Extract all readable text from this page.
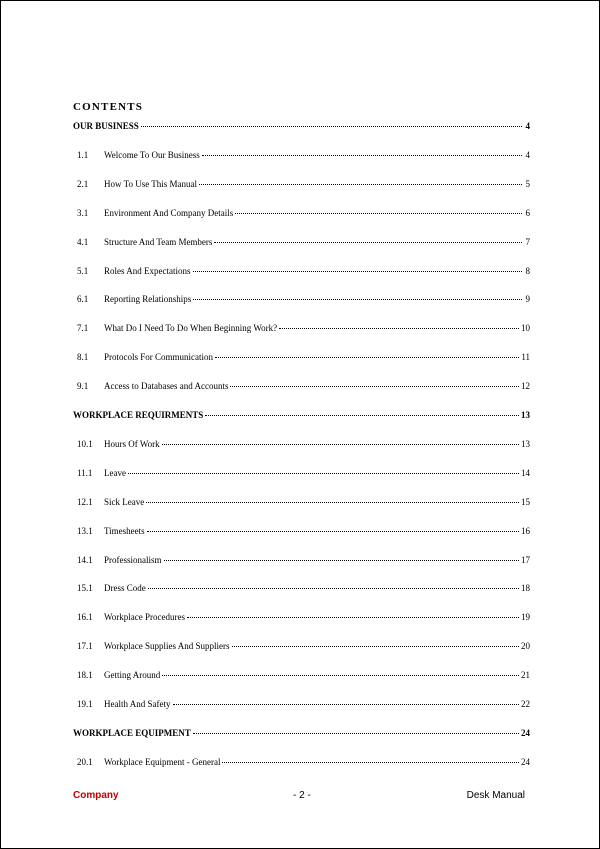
CONTENTS
OUR BUSINESS	4
1.1	Welcome To Our Business	4
2.1	How To Use This Manual	5
3.1	Environment And Company Details	6
4.1	Structure And Team Members	7
5.1	Roles And Expectations	8
6.1	Reporting Relationships	9
7.1	What Do I Need To Do When Beginning Work?	10
8.1	Protocols For Communication	11
9.1	Access to Databases and Accounts	12
WORKPLACE REQUIRMENTS	13
10.1	Hours Of Work	13
11.1	Leave	14
12.1	Sick Leave	15
13.1	Timesheets	16
14.1	Professionalism	17
15.1	Dress Code	18
16.1	Workplace Procedures	19
17.1	Workplace Supplies And Suppliers	20
18.1	Getting Around	21
19.1	Health And Safety	22
WORKPLACE EQUIPMENT	24
20.1	Workplace Equipment - General	24
Company	- 2 -	Desk Manual
